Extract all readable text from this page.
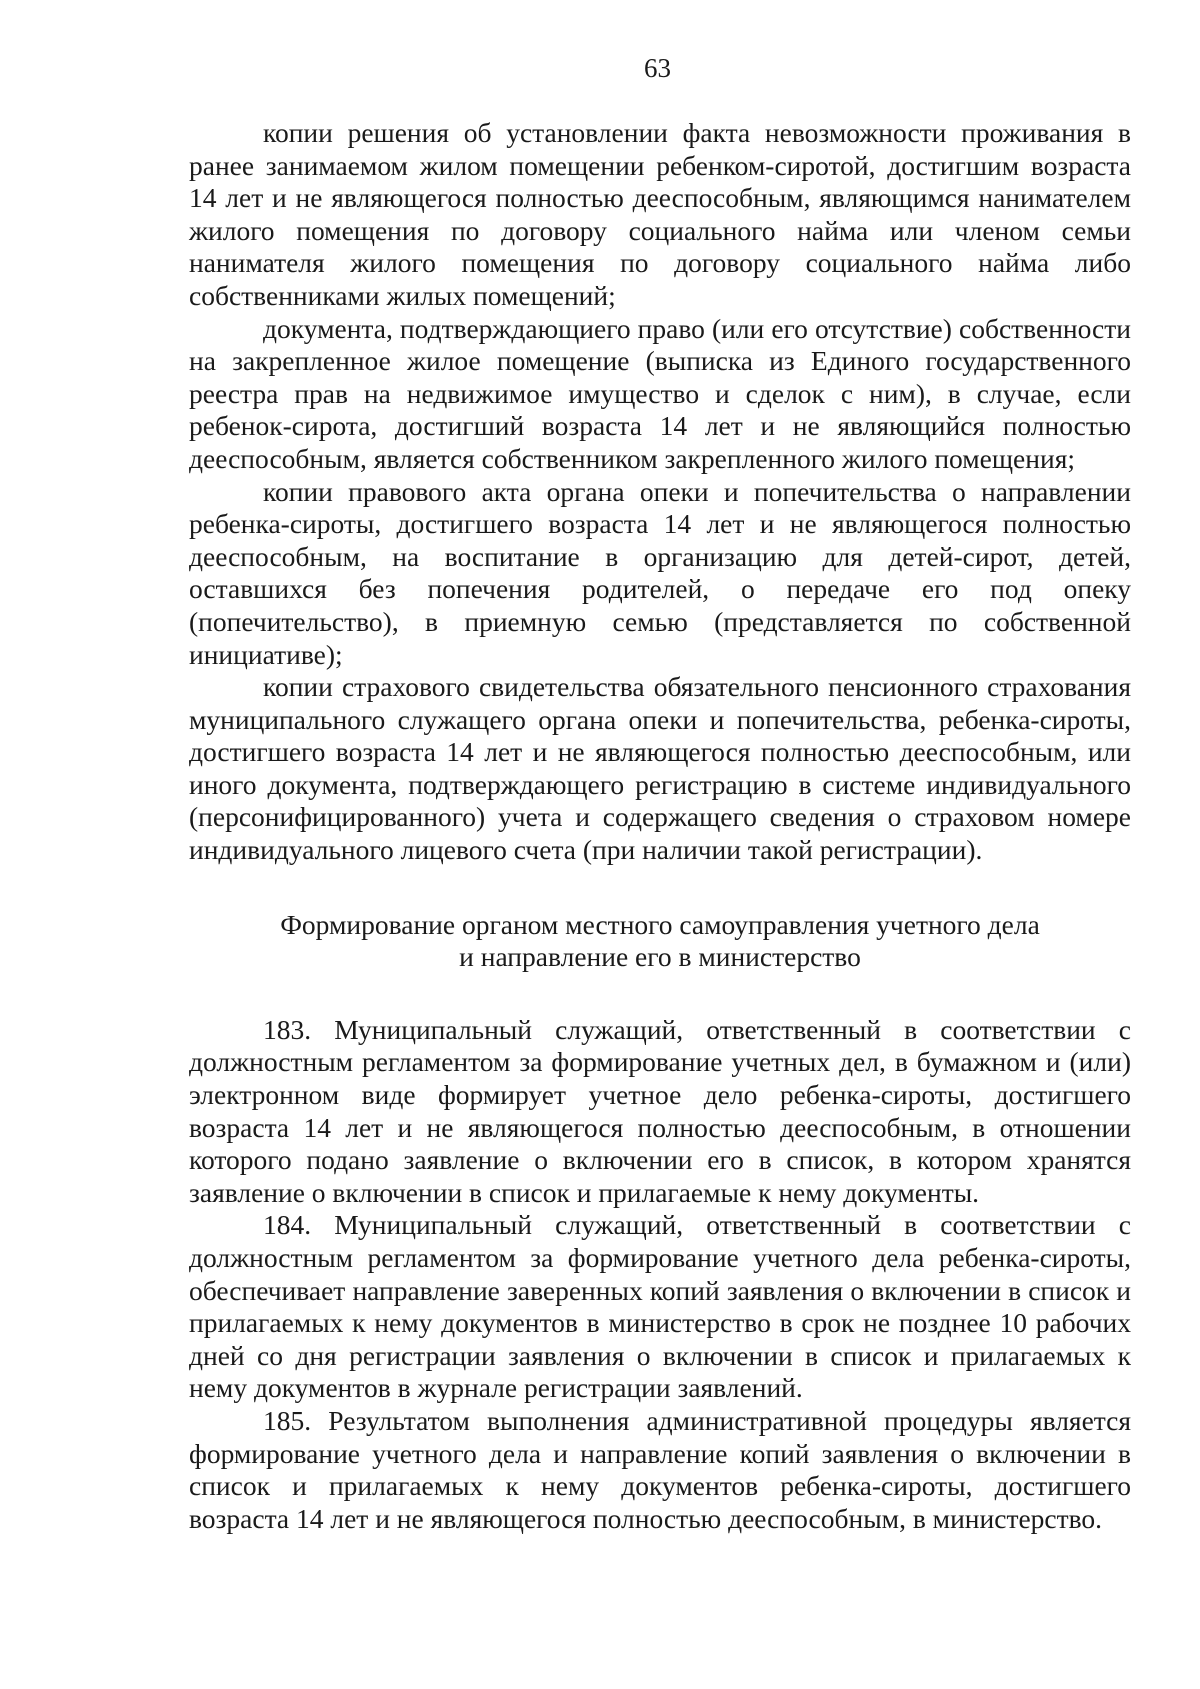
63

копии решения об установлении факта невозможности проживания в ранее занимаемом жилом помещении ребенком-сиротой, достигшим возраста 14 лет и не являющегося полностью дееспособным, являющимся нанимателем жилого помещения по договору социального найма или членом семьи нанимателя жилого помещения по договору социального найма либо собственниками жилых помещений;

документа, подтверждающиего право (или его отсутствие) собственности на закрепленное жилое помещение (выписка из Единого государственного реестра прав на недвижимое имущество и сделок с ним), в случае, если ребенок-сирота, достигший возраста 14 лет и не являющийся полностью дееспособным, является собственником закрепленного жилого помещения;

копии правового акта органа опеки и попечительства о направлении ребенка-сироты, достигшего возраста 14 лет и не являющегося полностью дееспособным, на воспитание в организацию для детей-сирот, детей, оставшихся без попечения родителей, о передаче его под опеку (попечительство), в приемную семью (представляется по собственной инициативе);

копии страхового свидетельства обязательного пенсионного страхования муниципального служащего органа опеки и попечительства, ребенка-сироты, достигшего возраста 14 лет и не являющегося полностью дееспособным, или иного документа, подтверждающего регистрацию в системе индивидуального (персонифицированного) учета и содержащего сведения о страховом номере индивидуального лицевого счета (при наличии такой регистрации).

Формирование органом местного самоуправления учетного дела
и направление его в министерство

183. Муниципальный служащий, ответственный в соответствии с должностным регламентом за формирование учетных дел, в бумажном и (или) электронном виде формирует учетное дело ребенка-сироты, достигшего возраста 14 лет и не являющегося полностью дееспособным, в отношении которого подано заявление о включении его в список, в котором хранятся заявление о включении в список и прилагаемые к нему документы.

184. Муниципальный служащий, ответственный в соответствии с должностным регламентом за формирование учетного дела ребенка-сироты, обеспечивает направление заверенных копий заявления о включении в список и прилагаемых к нему документов в министерство в срок не позднее 10 рабочих дней со дня регистрации заявления о включении в список и прилагаемых к нему документов в журнале регистрации заявлений.

185. Результатом выполнения административной процедуры является формирование учетного дела и направление копий заявления о включении в список и прилагаемых к нему документов ребенка-сироты, достигшего возраста 14 лет и не являющегося полностью дееспособным, в министерство.
